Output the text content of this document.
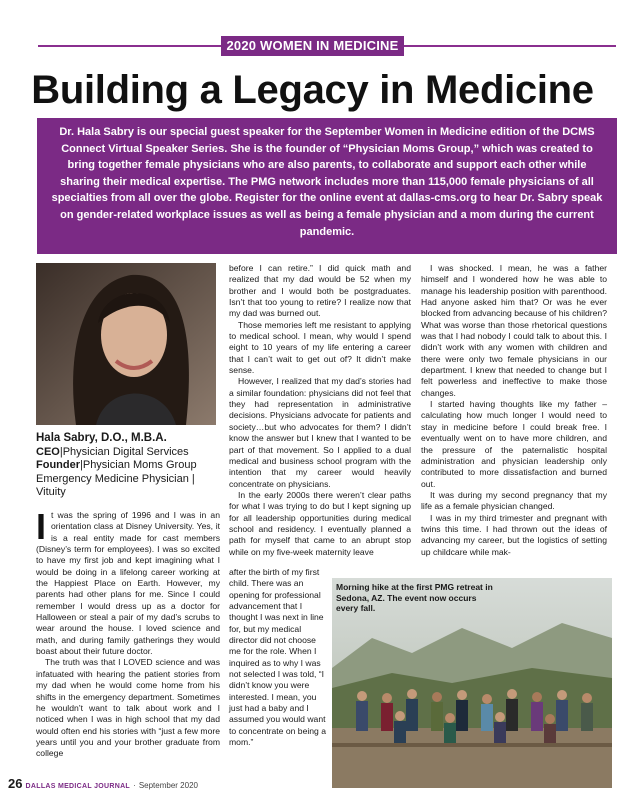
2020 WOMEN IN MEDICINE
Building a Legacy in Medicine
Dr. Hala Sabry is our special guest speaker for the September Women in Medicine edition of the DCMS Connect Virtual Speaker Series. She is the founder of “Physician Moms Group,” which was created to bring together female physicians who are also parents, to collaborate and support each other while sharing their medical expertise. The PMG network includes more than 115,000 female physicians of all specialties from all over the globe. Register for the online event at dallas-cms.org to hear Dr. Sabry speak on gender-related workplace issues as well as being a female physician and a mom during the current pandemic.
Hala Sabry, D.O., M.B.A.
CEO|Physician Digital Services
Founder|Physician Moms Group
Emergency Medicine Physician | Vituity

It was the spring of 1996 and I was in an orientation class at Disney University. Yes, it is a real entity made for cast members (Disney’s term for employees). I was so excited to have my first job and kept imagining what I would be doing in a lifelong career working at the Happiest Place on Earth. However, my parents had other plans for me. Since I could remember I would dress up as a doctor for Halloween or steal a pair of my dad’s scrubs to wear around the house. I loved science and math, and during family gatherings they would boast about their future doctor.

The truth was that I LOVED science and was infatuated with hearing the patient stories from my dad when he would come home from his shifts in the emergency department. Sometimes he wouldn’t want to talk about work and I noticed when I was in high school that my dad would often end his stories with “just a few more years until you and your brother graduate from college

before I can retire.” I did quick math and realized that my dad would be 52 when my brother and I would both be postgraduates. Isn’t that too young to retire? I realize now that my dad was burned out.

Those memories left me resistant to applying to medical school. I mean, why would I spend eight to 10 years of my life entering a career that I can’t wait to get out of? It didn’t make sense.

However, I realized that my dad’s stories had a similar foundation: physicians did not feel that they had representation in administrative decisions. Physicians advocate for patients and society…but who advocates for them? I didn’t know the answer but I knew that I wanted to be part of that movement. So I applied to a dual medical and business school program with the intention that my career would heavily concentrate on physicians.

In the early 2000s there weren’t clear paths for what I was trying to do but I kept signing up for all leadership opportunities during medical school and residency. I eventually planned a path for myself that came to an abrupt stop while on my five-week maternity leave

after the birth of my first child. There was an opening for professional advancement that I thought I was next in line for, but my medical director did not choose me for the role. When I inquired as to why I was not selected I was told, “I didn’t know you were interested. I mean, you just had a baby and I assumed you would want to concentrate on being a mom.”

I was shocked. I mean, he was a father himself and I wondered how he was able to manage his leadership position with parenthood. Had anyone asked him that? Or was he ever blocked from advancing because of his children? What was worse than those rhetorical questions was that I had nobody I could talk to about this. I didn’t work with any women with children and there were only two female physicians in our department. I knew that needed to change but I felt powerless and ineffective to make those changes.

I started having thoughts like my father – calculating how much longer I would need to stay in medicine before I could break free. I eventually went on to have more children, and the pressure of the paternalistic hospital administration and physician leadership only contributed to more dissatisfaction and burned out.

It was during my second pregnancy that my life as a female physician changed.

I was in my third trimester and pregnant with twins this time. I had thrown out the ideas of advancing my career, but the logistics of setting up childcare while mak-

Morning hike at the first PMG retreat in Sedona, AZ. The event now occurs every fall.
26 DALLAS MEDICAL JOURNAL · September 2020
